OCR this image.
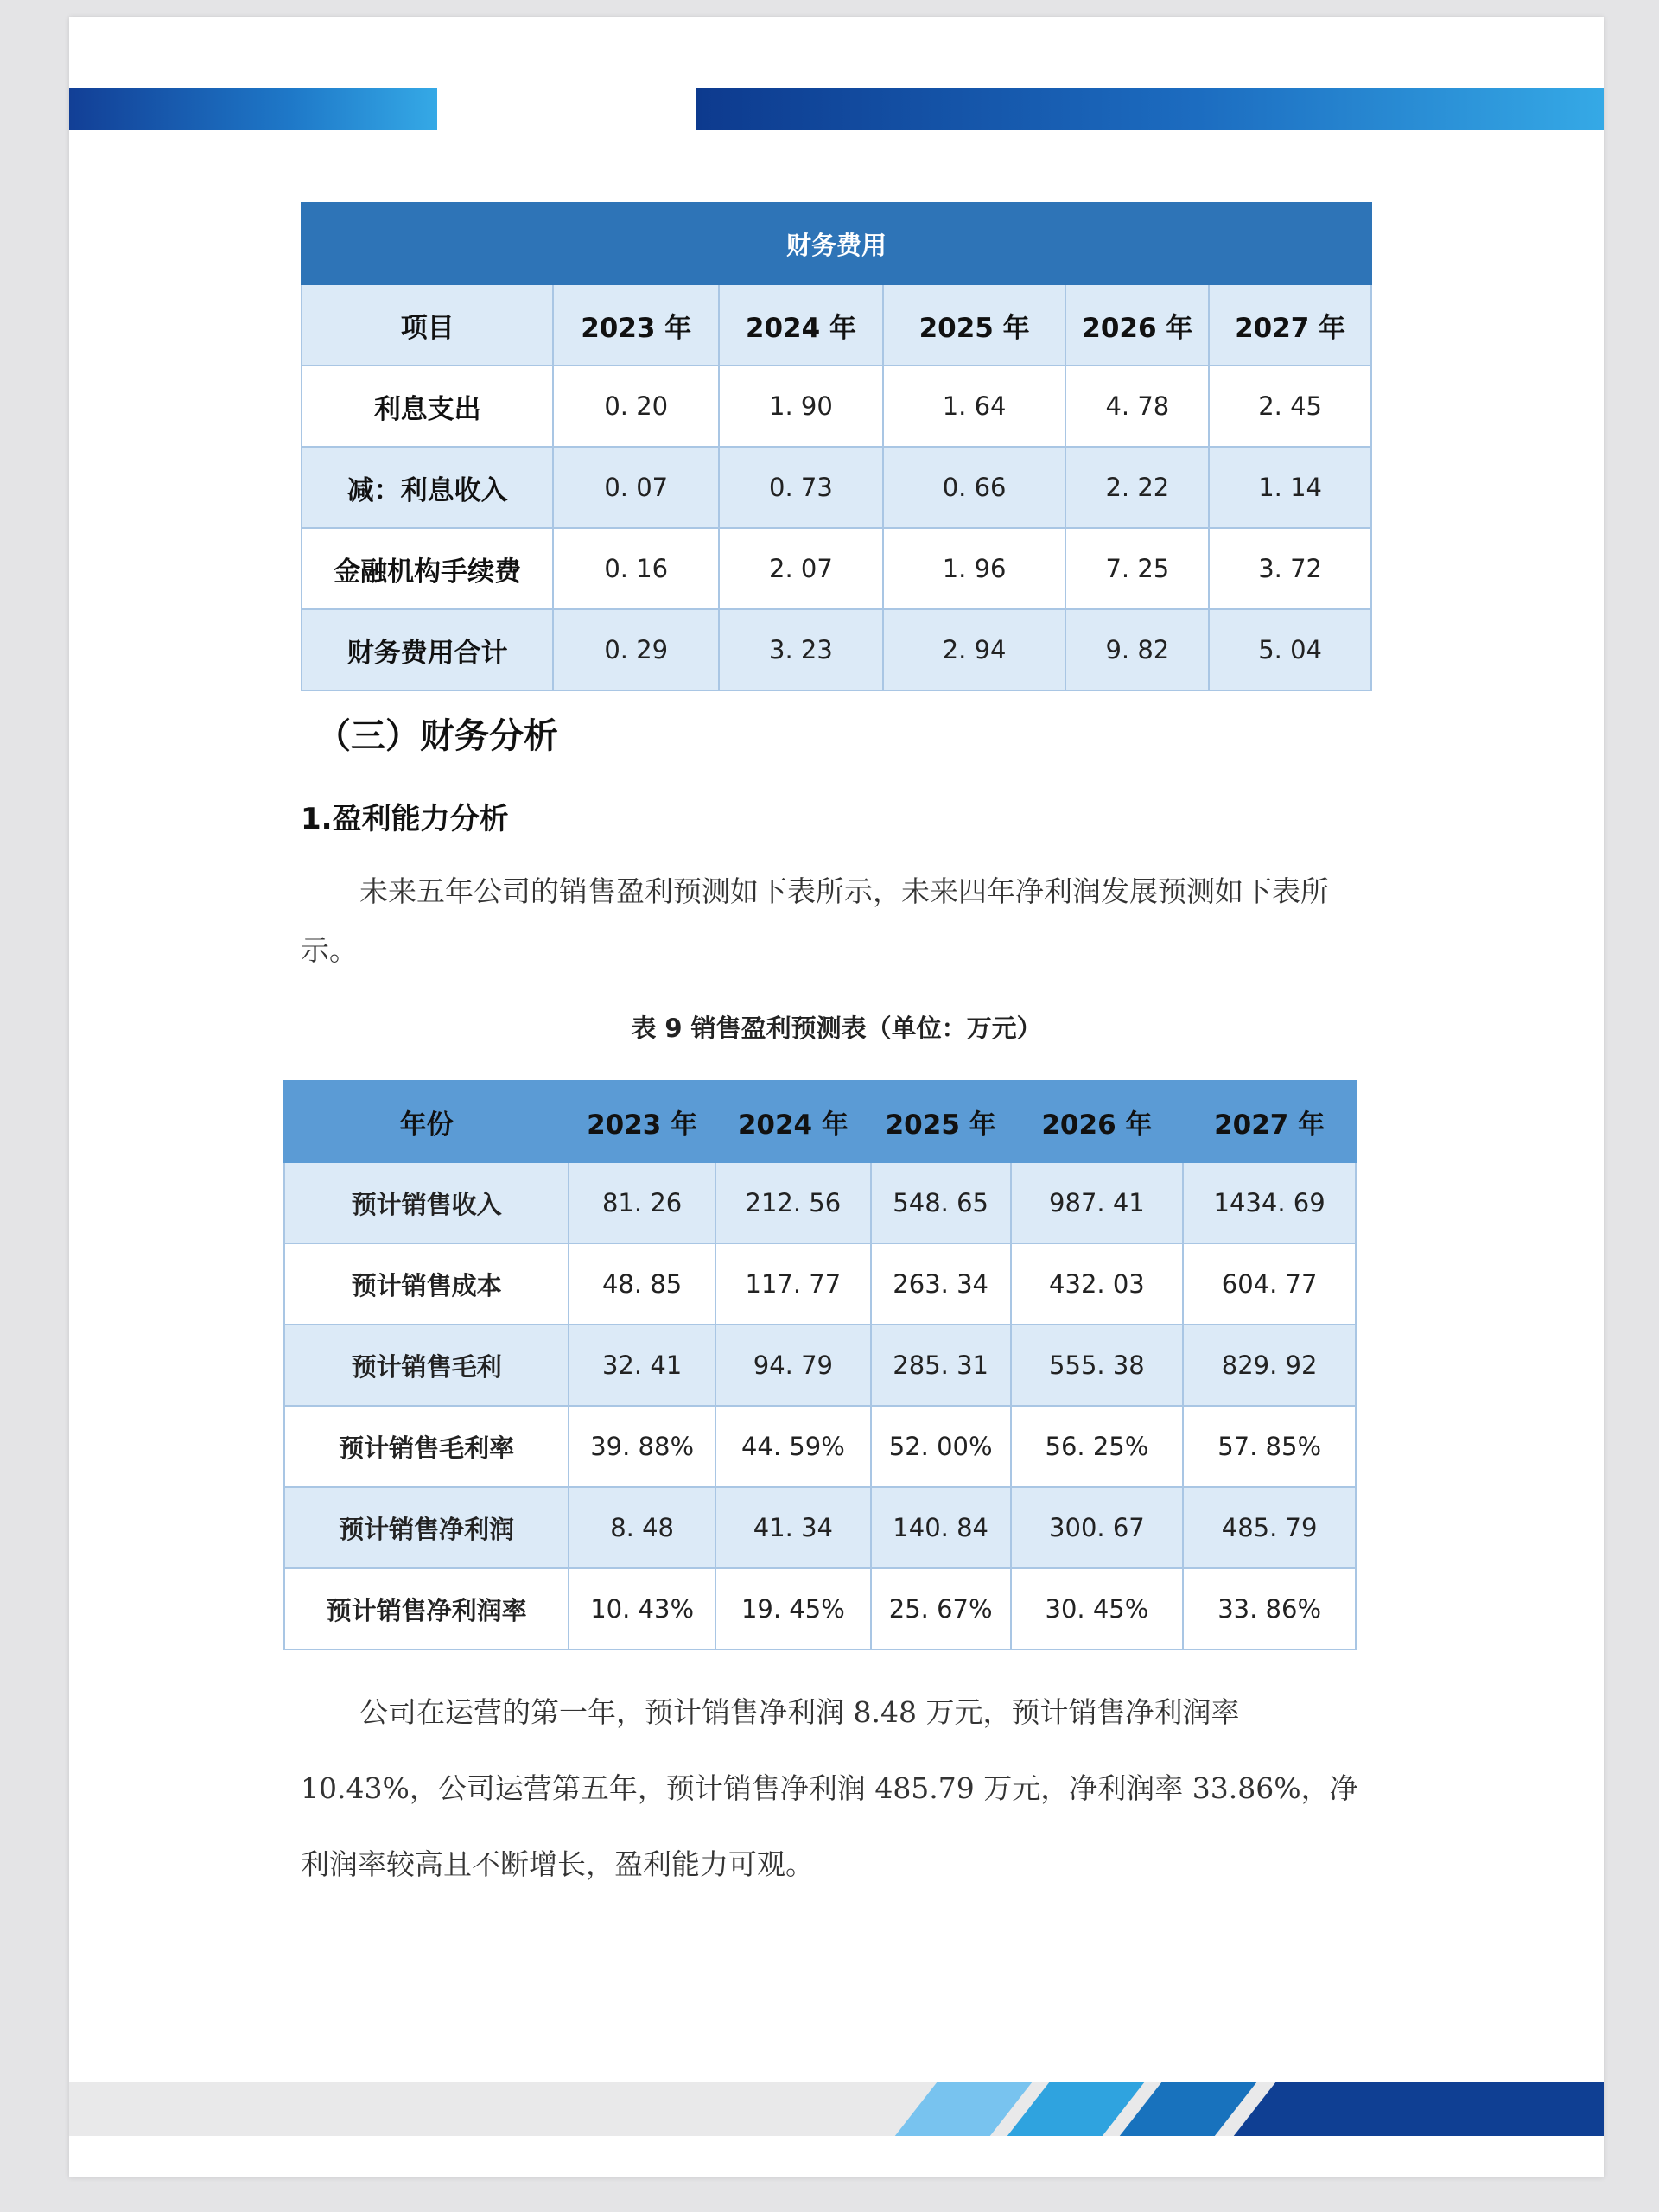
财务费用					
项目	2023 年	2024 年	2025 年	2026 年	2027 年
利息支出	0. 20	1. 90	1. 64	4. 78	2. 45
减：利息收入	0. 07	0. 73	0. 66	2. 22	1. 14
金融机构手续费	0. 16	2. 07	1. 96	7. 25	3. 72
财务费用合计	0. 29	3. 23	2. 94	9. 82	5. 04
（三）财务分析
1.盈利能力分析

未来五年公司的销售盈利预测如下表所示，未来四年净利润发展预测如下表所示。

表 9 销售盈利预测表（单位：万元）
年份	2023 年	2024 年	2025 年	2026 年	2027 年
预计销售收入	81. 26	212. 56	548. 65	987. 41	1434. 69
预计销售成本	48. 85	117. 77	263. 34	432. 03	604. 77
预计销售毛利	32. 41	94. 79	285. 31	555. 38	829. 92
预计销售毛利率	39. 88%	44. 59%	52. 00%	56. 25%	57. 85%
预计销售净利润	8. 48	41. 34	140. 84	300. 67	485. 79
预计销售净利润率	10. 43%	19. 45%	25. 67%	30. 45%	33. 86%

公司在运营的第一年，预计销售净利润 8.48 万元，预计销售净利润率 10.43%，公司运营第五年，预计销售净利润 485.79 万元，净利润率 33.86%，净利润率较高且不断增长，盈利能力可观。
